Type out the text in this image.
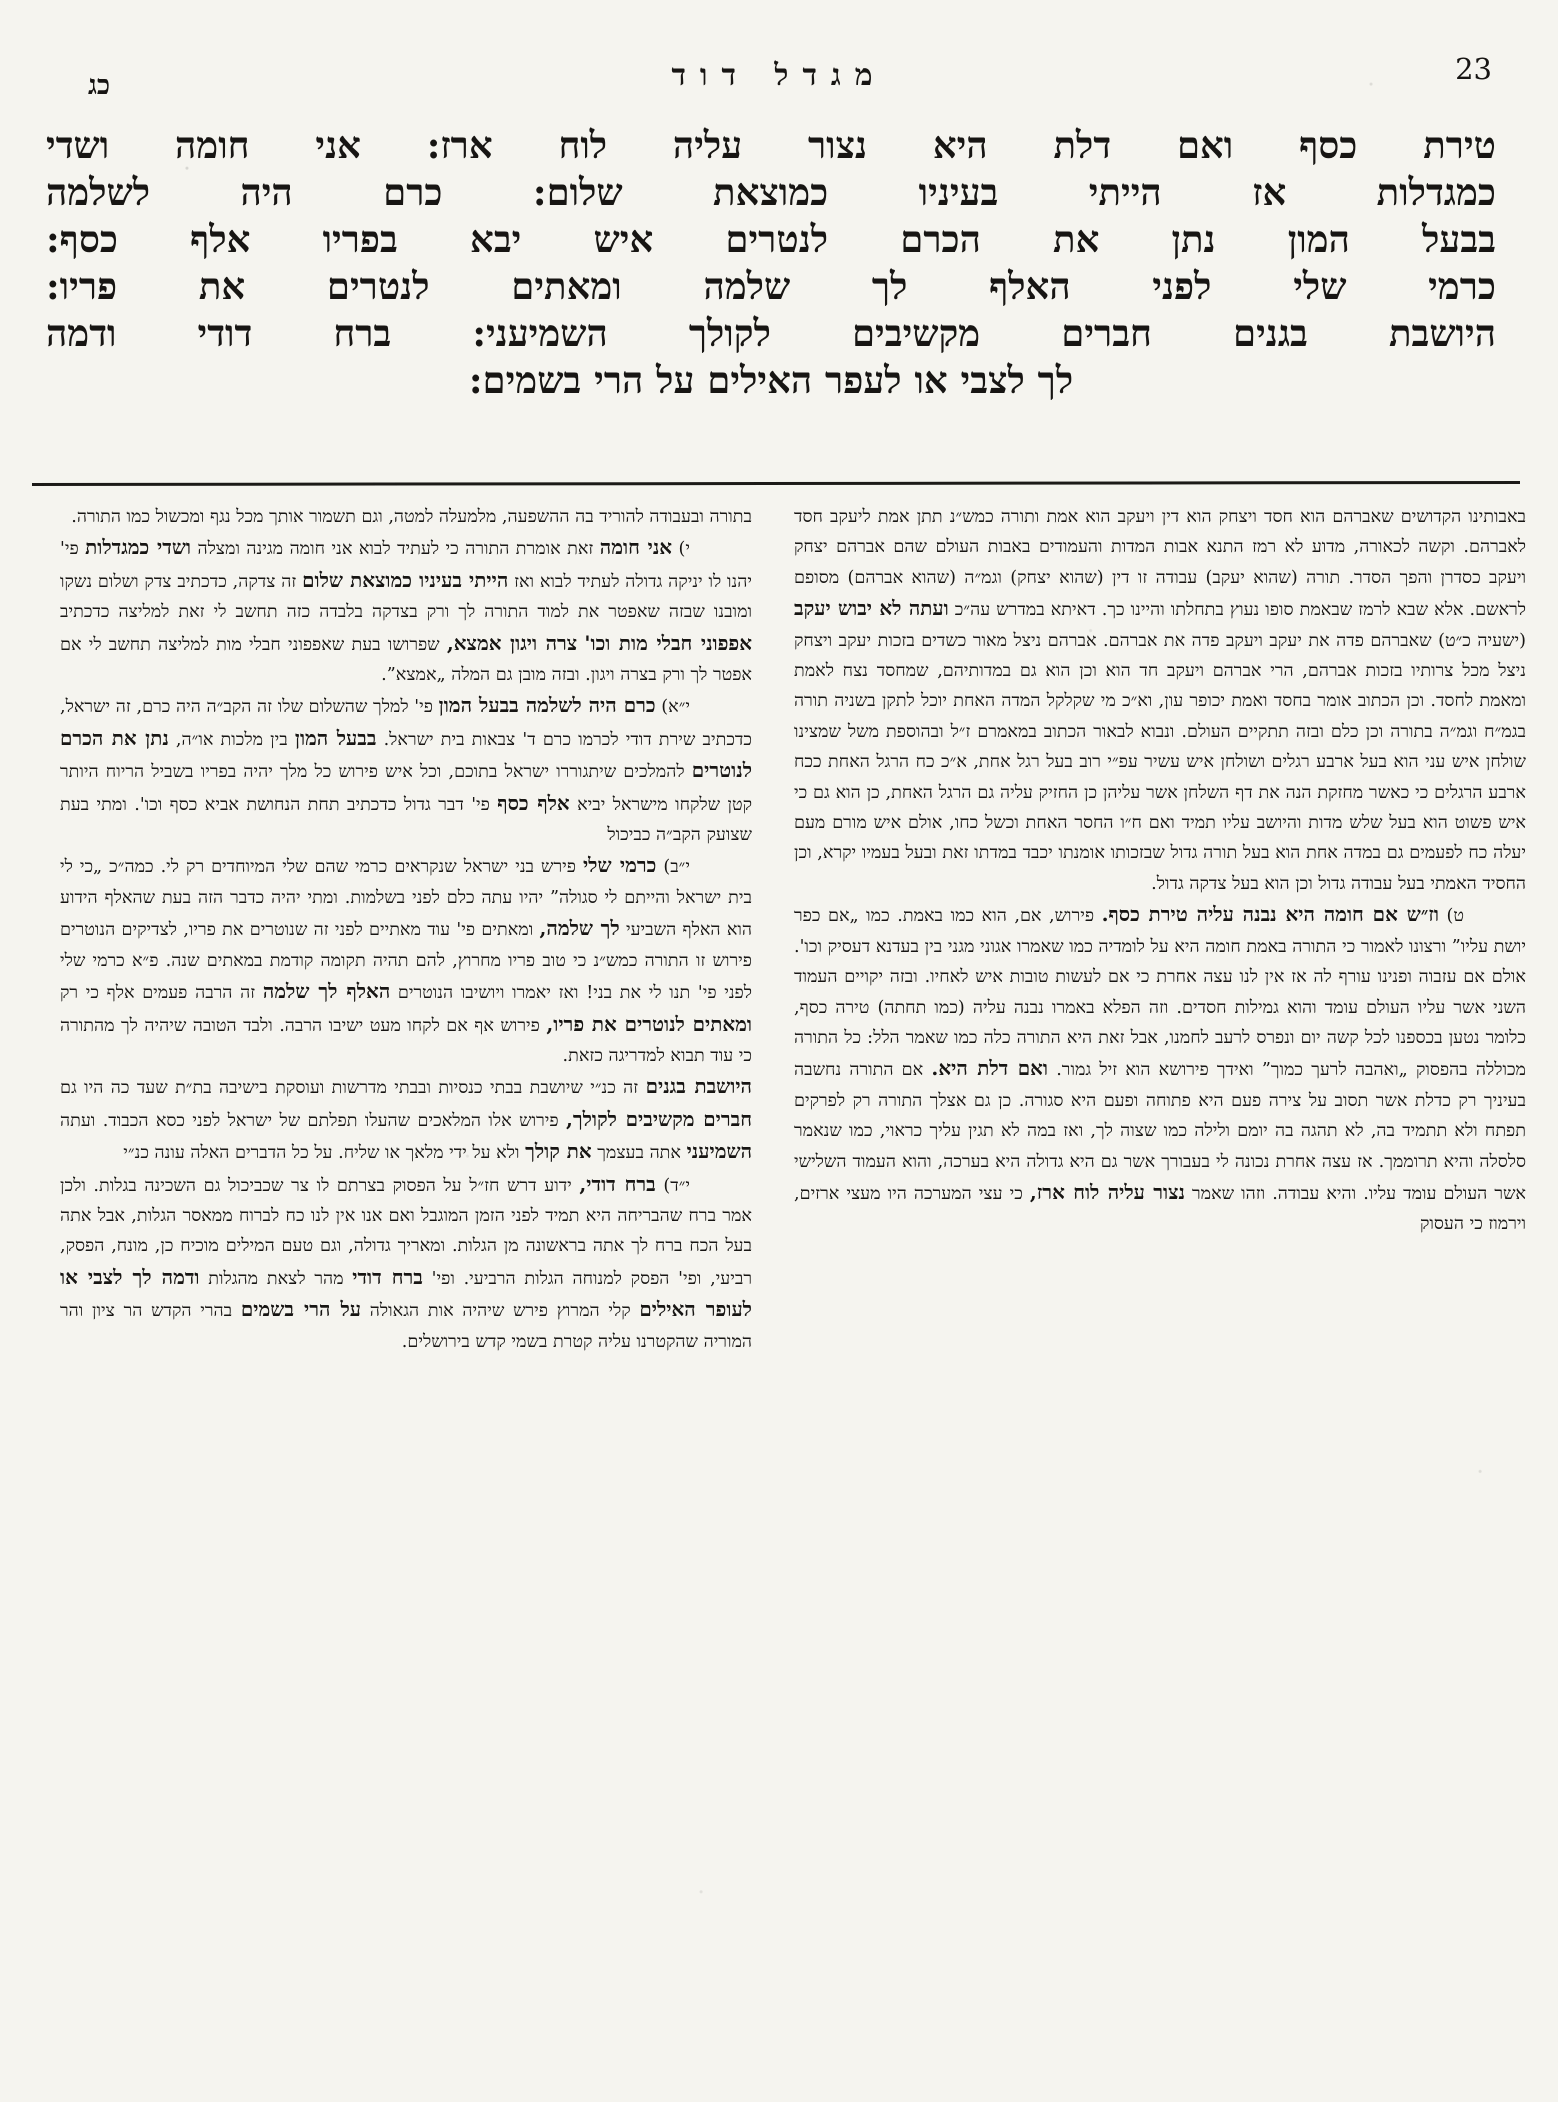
כג	מגדל דוד	23
טירת כסף ואם דלת היא נצור עליה לוח ארז: אני חומה ושדי
כמגדלות אז הייתי בעיניו כמוצאת שלום: כרם היה לשלמה
בבעל המון נתן את הכרם לנטרים איש יבא בפריו אלף כסף:
כרמי שלי לפני האלף לך שלמה ומאתים לנטרים את פריו:
היושבת בגנים חברים מקשיבים לקולך השמיעני: ברח דודי ודמה
לך לצבי או לעפר האילים על הרי בשמים:

באבותינו הקדושים שאברהם הוא חסד ויצחק הוא דין ויעקב הוא אמת ותורה כמש״נ תתן אמת ליעקב חסד לאברהם. וקשה לכאורה, מדוע לא רמז התנא אבות המדות והעמודים באבות העולם שהם אברהם יצחק ויעקב כסדרן והפך הסדר. תורה (שהוא יעקב) עבודה זו דין (שהוא יצחק) וגמ״ה (שהוא אברהם) מסופם לראשם. אלא שבא לרמז שבאמת סופו נעוץ בתחלתו והיינו כך. דאיתא במדרש עה״כ ועתה לא יבוש יעקב (ישעיה כ״ט) שאברהם פדה את יעקב ויעקב פדה את אברהם. אברהם ניצל מאור כשדים בזכות יעקב ויצחק ניצל מכל צרותיו בזכות אברהם, הרי אברהם ויעקב חד הוא וכן הוא גם במדותיהם, שמחסד נצח לאמת ומאמת לחסד. וכן הכתוב אומר בחסד ואמת יכופר עון, וא״כ מי שקלקל המדה האחת יוכל לתקן בשניה תורה בגמ״ח וגמ״ה בתורה וכן כלם ובזה תתקיים העולם. ונבוא לבאור הכתוב במאמרם ז״ל ובהוספת משל שמצינו שולחן איש עני הוא בעל ארבע רגלים ושולחן איש עשיר עפ״י רוב בעל רגל אחת, א״כ כח הרגל האחת ככח ארבע הרגלים כי כאשר מחזקת הנה את דף השלחן אשר עליהן כן החזיק עליה גם הרגל האחת, כן הוא גם כי איש פשוט הוא בעל שלש מדות והיושב עליו תמיד ואם ח״ו החסר האחת וכשל כחו, אולם איש מורם מעם יעלה כח לפעמים גם במדה אחת הוא בעל תורה גדול שבזכותו אומנתו יכבד במדתו זאת ובעל בעמיו יקרא, וכן החסיד האמתי בעל עבודה גדול וכן הוא בעל צדקה גדול.

ט) וז״ש אם חומה היא נבנה עליה טירת כסף. פירוש, אם, הוא כמו באמת. כמו „אם כפר יושת עליו” ורצונו לאמור כי התורה באמת חומה היא על לומדיה כמו שאמרו אגוני מגני בין בעדנא דעסיק וכו'. אולם אם עזבוה ופנינו עורף לה אז אין לנו עצה אחרת כי אם לעשות טובות איש לאחיו. ובזה יקויים העמוד השני אשר עליו העולם עומד והוא גמילות חסדים. וזה הפלא באמרו נבנה עליה (כמו תחתה) טירה כסף, כלומר נטען בכספנו לכל קשה יום ונפרס לרעב לחמנו, אבל זאת היא התורה כלה כמו שאמר הלל: כל התורה מכוללה בהפסוק „ואהבה לרעך כמוך” ואידך פירושא הוא זיל גמור. ואם דלת היא. אם התורה נחשבה בעיניך רק כדלת אשר תסוב על צירה פעם היא פתוחה ופעם היא סגורה. כן גם אצלך התורה רק לפרקים תפתח ולא תתמיד בה, לא תהגה בה יומם ולילה כמו שצוה לך, ואז במה לא תגין עליך כראוי, כמו שנאמר סלסלה והיא תרוממך. אז עצה אחרת נכונה לי בעבורך אשר גם היא גדולה היא בערכה, והוא העמוד השלישי אשר העולם עומד עליו. והיא עבודה. וזהו שאמר נצור עליה לוח ארז, כי עצי המערכה היו מעצי ארזים, וירמוז כי העסוק

בתורה ובעבודה להוריד בה ההשפעה, מלמעלה למטה, וגם תשמור אותך מכל נגף ומכשול כמו התורה.

י) אני חומה זאת אומרת התורה כי לעתיד לבוא אני חומה מגינה ומצלה ושדי כמגדלות פי' יהנו לו יניקה גדולה לעתיד לבוא ואז הייתי בעיניו כמוצאת שלום זה צדקה, כדכתיב צדק ושלום נשקו ומובנו שבזה שאפטר את למוד התורה לך ורק בצדקה בלבדה כזה תחשב לי זאת למליצה כדכתיב אפפוני חבלי מות וכו' צרה ויגון אמצא, שפרושו בעת שאפפוני חבלי מות למליצה תחשב לי אם אפטר לך ורק בצרה ויגון. ובזה מובן גם המלה „אמצא”.

י״א) כרם היה לשלמה בבעל המון פי' למלך שהשלום שלו זה הקב״ה היה כרם, זה ישראל, כדכתיב שירת דודי לכרמו כרם ד' צבאות בית ישראל. בבעל המון בין מלכות או״ה, נתן את הכרם לנוטרים להמלכים שיתגוררו ישראל בתוכם, וכל איש פירוש כל מלך יהיה בפריו בשביל הריוח היותר קטן שלקחו מישראל יביא אלף כסף פי' דבר גדול כדכתיב תחת הנחושת אביא כסף וכו'. ומתי בעת שצועק הקב״ה כביכול

י״ב) כרמי שלי פירש בני ישראל שנקראים כרמי שהם שלי המיוחדים רק לי. כמה״כ „כי לי בית ישראל והייתם לי סגולה” יהיו עתה כלם לפני בשלמות. ומתי יהיה כדבר הזה בעת שהאלף הידוע הוא האלף השביעי לך שלמה, ומאתים פי' עוד מאתיים לפני זה שנוטרים את פריו, לצדיקים הנוטרים פירוש זו התורה כמש״נ כי טוב פריו מחרוץ, להם תהיה תקומה קודמת במאתים שנה. פ״א כרמי שלי לפני פי' תנו לי את בני! ואז יאמרו ויושיבו הנוטרים האלף לך שלמה זה הרבה פעמים אלף כי רק ומאתים לנוטרים את פריו, פירוש אף אם לקחו מעט ישיבו הרבה. ולבד הטובה שיהיה לך מהתורה כי עוד תבוא למדריגה כזאת.

היושבת בגנים זה כנ״י שיושבת בבתי כנסיות ובבתי מדרשות ועוסקת בישיבה בת״ת שעד כה היו גם חברים מקשיבים לקולך, פירוש אלו המלאכים שהעלו תפלתם של ישראל לפני כסא הכבוד. ועתה השמיעני אתה בעצמך את קולך ולא על ידי מלאך או שליח. על כל הדברים האלה עונה כנ״י

י״ד) ברח דודי, ידוע דרש חז״ל על הפסוק בצרתם לו צר שכביכול גם השכינה בגלות. ולכן אמר ברח שהבריחה היא תמיד לפני הזמן המוגבל ואם אנו אין לנו כח לברוח ממאסר הגלות, אבל אתה בעל הכח ברח לך אתה בראשונה מן הגלות. ומאריך גדולה, וגם טעם המילים מוכיח כן, מונח, הפסק, רביעי, ופי' הפסק למנוחה הגלות הרביעי. ופי' ברח דודי מהר לצאת מהגלות ודמה לך לצבי או לעופר האילים קלי המרוץ פירש שיהיה אות הגאולה על הרי בשמים בהרי הקדש הר ציון והר המוריה שהקטרנו עליה קטרת בשמי קדש בירושלים.
